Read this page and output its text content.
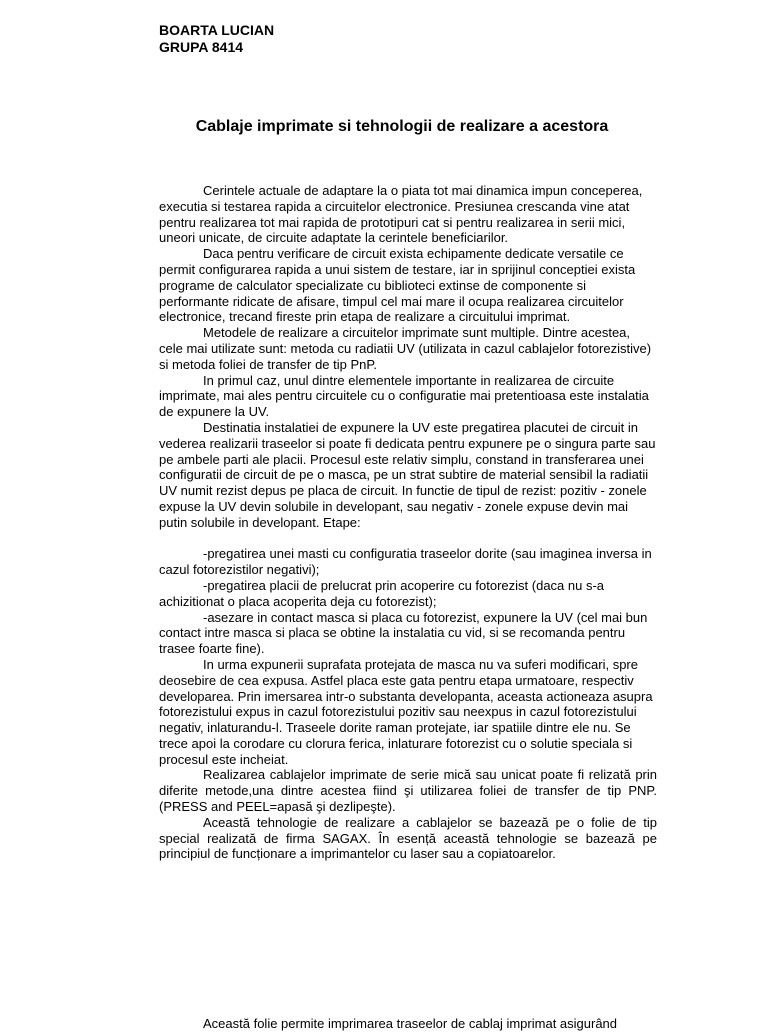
BOARTA LUCIAN
GRUPA 8414
Cablaje imprimate si tehnologii de realizare a acestora

Cerintele actuale de adaptare la o piata tot mai dinamica impun conceperea, executia si testarea rapida a circuitelor electronice. Presiunea crescanda vine atat pentru realizarea tot mai rapida de prototipuri cat si pentru realizarea in serii mici, uneori unicate, de circuite adaptate la cerintele beneficiarilor.

Daca pentru verificare de circuit exista echipamente dedicate versatile ce permit configurarea rapida a unui sistem de testare, iar in sprijinul conceptiei exista programe de calculator specializate cu biblioteci extinse de componente si performante ridicate de afisare, timpul cel mai mare il ocupa realizarea circuitelor electronice, trecand fireste prin etapa de realizare a circuitului imprimat.

Metodele de realizare a circuitelor imprimate sunt multiple. Dintre acestea, cele mai utilizate sunt: metoda cu radiatii UV (utilizata in cazul cablajelor fotorezistive) si metoda foliei de transfer de tip PnP.

In primul caz, unul dintre elementele importante in realizarea de circuite imprimate, mai ales pentru circuitele cu o configuratie mai pretentioasa este instalatia de expunere la UV.

Destinatia instalatiei de expunere la UV este pregatirea placutei de circuit in vederea realizarii traseelor si poate fi dedicata pentru expunere pe o singura parte sau pe ambele parti ale placii. Procesul este relativ simplu, constand in transferarea unei configuratii de circuit de pe o masca, pe un strat subtire de material sensibil la radiatii UV numit rezist depus pe placa de circuit. In functie de tipul de rezist: pozitiv - zonele expuse la UV devin solubile in developant, sau negativ - zonele expuse devin mai putin solubile in developant. Etape:

-pregatirea unei masti cu configuratia traseelor dorite (sau imaginea inversa in cazul fotorezistilor negativi);

-pregatirea placii de prelucrat prin acoperire cu fotorezist (daca nu s-a achizitionat o placa acoperita deja cu fotorezist);

-asezare in contact masca si placa cu fotorezist, expunere la UV (cel mai bun contact intre masca si placa se obtine la instalatia cu vid, si se recomanda pentru trasee foarte fine).

In urma expunerii suprafata protejata de masca nu va suferi modificari, spre deosebire de cea expusa. Astfel placa este gata pentru etapa urmatoare, respectiv developarea. Prin imersarea intr-o substanta developanta, aceasta actioneaza asupra fotorezistului expus in cazul fotorezistului pozitiv sau neexpus in cazul fotorezistului negativ, inlaturandu-l. Traseele dorite raman protejate, iar spatiile dintre ele nu. Se trece apoi la corodare cu clorura ferica, inlaturare fotorezist cu o solutie speciala si procesul este incheiat.

Realizarea cablajelor imprimate de serie mică sau unicat poate fi relizată prin diferite metode,una dintre acestea fiind şi utilizarea foliei de transfer de tip PNP.(PRESS and PEEL=apasă şi dezlipeşte).

Această tehnologie de realizare a cablajelor se bazează pe o folie de tip special realizată de firma SAGAX. În esență această tehnologie se bazează pe principiul de funcționare a imprimantelor cu laser sau a copiatoarelor.

Această folie permite imprimarea traseelor de cablaj imprimat asigurând
